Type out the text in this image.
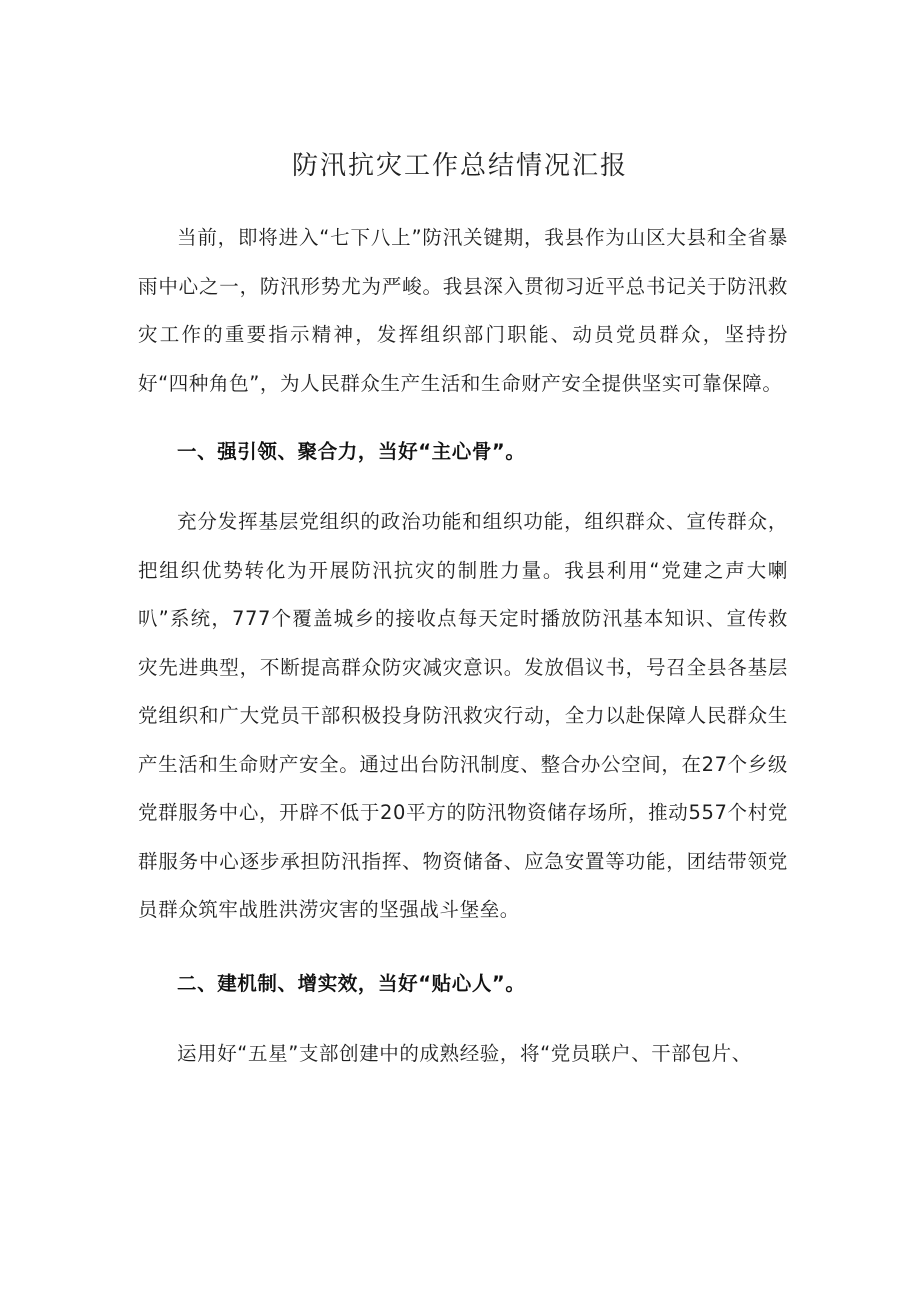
防汛抗灾工作总结情况汇报

当前，即将进入“七下八上”防汛关键期，我县作为山区大县和全省暴雨中心之一，防汛形势尤为严峻。我县深入贯彻习近平总书记关于防汛救灾工作的重要指示精神，发挥组织部门职能、动员党员群众，坚持扮好“四种角色”，为人民群众生产生活和生命财产安全提供坚实可靠保障。

一、强引领、聚合力，当好“主心骨”。

充分发挥基层党组织的政治功能和组织功能，组织群众、宣传群众，把组织优势转化为开展防汛抗灾的制胜力量。我县利用“党建之声大喇叭”系统，777个覆盖城乡的接收点每天定时播放防汛基本知识、宣传救灾先进典型，不断提高群众防灾减灾意识。发放倡议书，号召全县各基层党组织和广大党员干部积极投身防汛救灾行动，全力以赴保障人民群众生产生活和生命财产安全。通过出台防汛制度、整合办公空间，在27个乡级党群服务中心，开辟不低于20平方的防汛物资储存场所，推动557个村党群服务中心逐步承担防汛指挥、物资储备、应急安置等功能，团结带领党员群众筑牢战胜洪涝灾害的坚强战斗堡垒。

二、建机制、增实效，当好“贴心人”。

运用好“五星”支部创建中的成熟经验，将“党员联户、干部包片、
